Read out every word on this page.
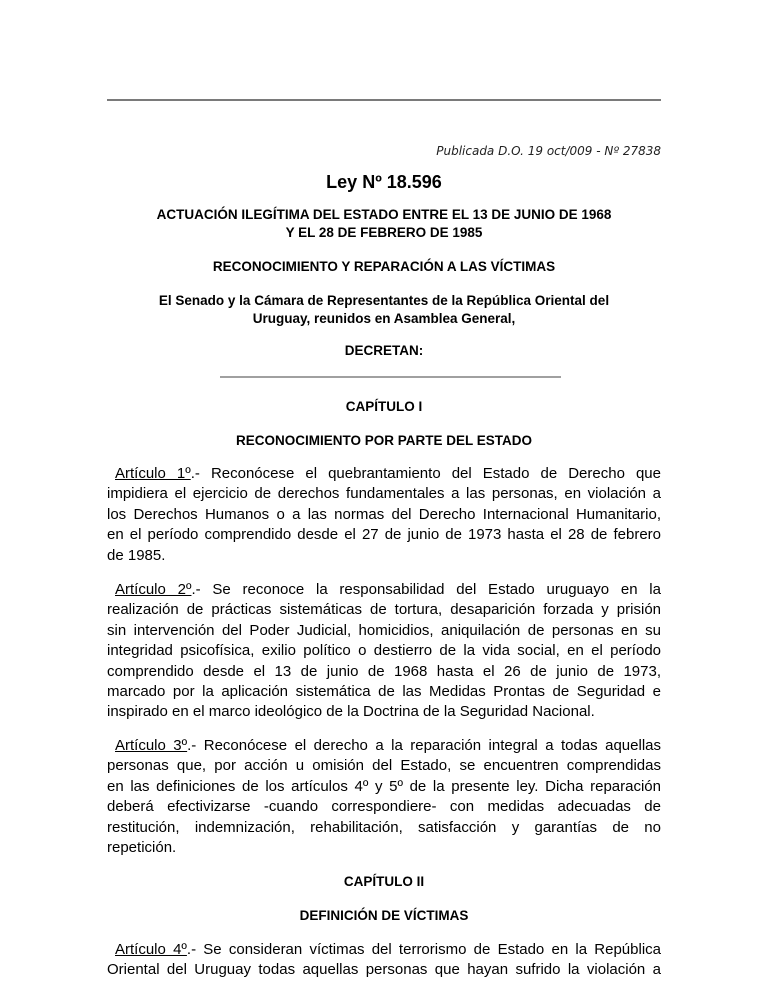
Publicada D.O. 19 oct/009 - Nº 27838
Ley Nº 18.596
ACTUACIÓN ILEGÍTIMA DEL ESTADO ENTRE EL 13 DE JUNIO DE 1968
Y EL 28 DE FEBRERO DE 1985
RECONOCIMIENTO Y REPARACIÓN A LAS VÍCTIMAS
El Senado y la Cámara de Representantes de la República Oriental del
Uruguay, reunidos en Asamblea General,
DECRETAN:
CAPÍTULO I
RECONOCIMIENTO POR PARTE DEL ESTADO
Artículo 1º.- Reconócese el quebrantamiento del Estado de Derecho que
impidiera el ejercicio de derechos fundamentales a las personas, en violación a
los Derechos Humanos o a las normas del Derecho Internacional Humanitario,
en el período comprendido desde el 27 de junio de 1973 hasta el 28 de febrero
de 1985.
Artículo 2º.- Se reconoce la responsabilidad del Estado uruguayo en la
realización de prácticas sistemáticas de tortura, desaparición forzada y prisión
sin intervención del Poder Judicial, homicidios, aniquilación de personas en su
integridad psicofísica, exilio político o destierro de la vida social, en el período
comprendido desde el 13 de junio de 1968 hasta el 26 de junio de 1973,
marcado por la aplicación sistemática de las Medidas Prontas de Seguridad e
inspirado en el marco ideológico de la Doctrina de la Seguridad Nacional.
Artículo 3º.- Reconócese el derecho a la reparación integral a todas aquellas
personas que, por acción u omisión del Estado, se encuentren comprendidas
en las definiciones de los artículos 4º y 5º de la presente ley. Dicha reparación
deberá efectivizarse -cuando correspondiere- con medidas adecuadas de
restitución, indemnización, rehabilitación, satisfacción y garantías de no
repetición.
CAPÍTULO II
DEFINICIÓN DE VÍCTIMAS
Artículo 4º.- Se consideran víctimas del terrorismo de Estado en la República
Oriental del Uruguay todas aquellas personas que hayan sufrido la violación a
